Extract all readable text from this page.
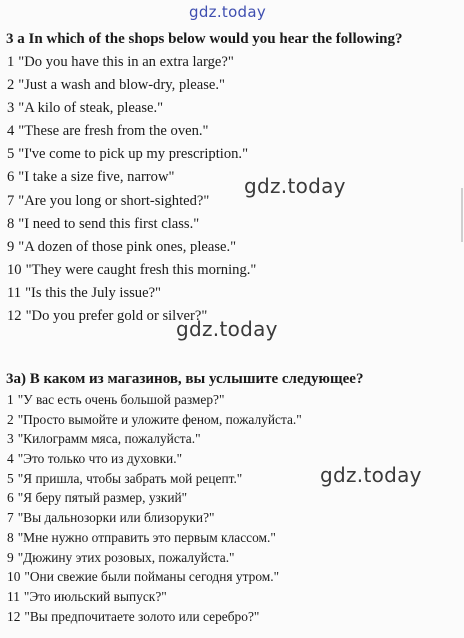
gdz.today
3 a In which of the shops below would you hear the following?
1 "Do you have this in an extra large?"
2 "Just a wash and blow-dry, please."
3 "A kilo of steak, please."
4 "These are fresh from the oven."
5 "I've come to pick up my prescription."
6 "I take a size five, narrow"
7 "Are you long or short-sighted?"
8 "I need to send this first class."
9 "A dozen of those pink ones, please."
10 "They were caught fresh this morning."
11 "Is this the July issue?"
12 "Do you prefer gold or silver?"
gdz.today
gdz.today
3а) В каком из магазинов, вы услышите следующее?
1 "У вас есть очень большой размер?"
2 "Просто вымойте и уложите феном, пожалуйста."
3 "Килограмм мяса, пожалуйста."
4 "Это только что из духовки."
5 "Я пришла, чтобы забрать мой рецепт."
6 "Я беру пятый размер, узкий"
7 "Вы дальнозорки или близоруки?"
8 "Мне нужно отправить это первым классом."
9 "Дюжину этих розовых, пожалуйста."
10 "Они свежие были пойманы сегодня утром."
11 "Это июльский выпуск?"
12 "Вы предпочитаете золото или серебро?"
gdz.today
